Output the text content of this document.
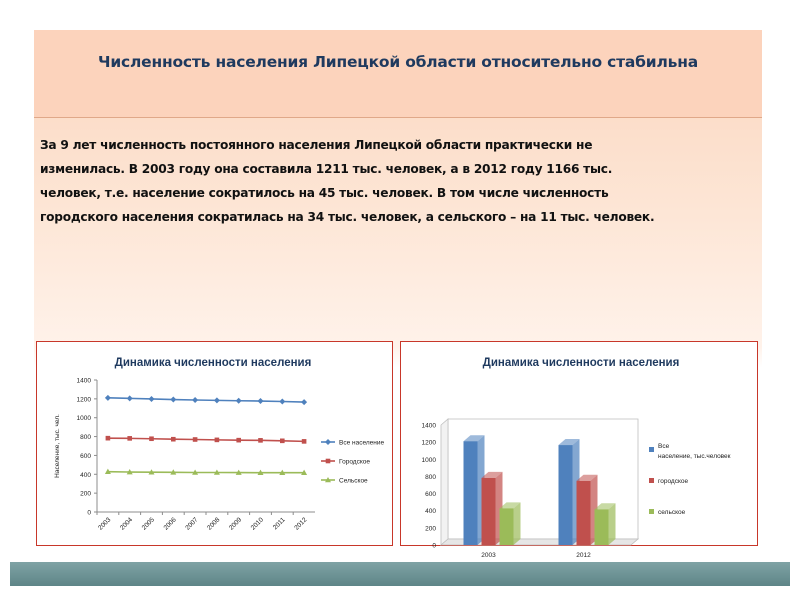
Численность населения Липецкой области относительно стабильна
За 9 лет численность постоянного населения Липецкой области практически не
изменилась. В 2003 году она составила 1211 тыс. человек, а в 2012 году 1166 тыс.
человек, т.е. население сократилось на 45 тыс. человек. В том числе численность
городского населения сократилась на 34 тыс. человек, а сельского – на 11 тыс. человек.
Динамика численности населения
0
200
400
600
800
1000
1200
1400
Население, тыс. чел.
2003 2004 2005 2006 2007 2008 2009 2010 2011 2012
Все население
Городское
Сельское
Динамика численности населения
0
200
400
600
800
1000
1200
1400
2003	2012
Все население, тыс.человек
городское
сельское
